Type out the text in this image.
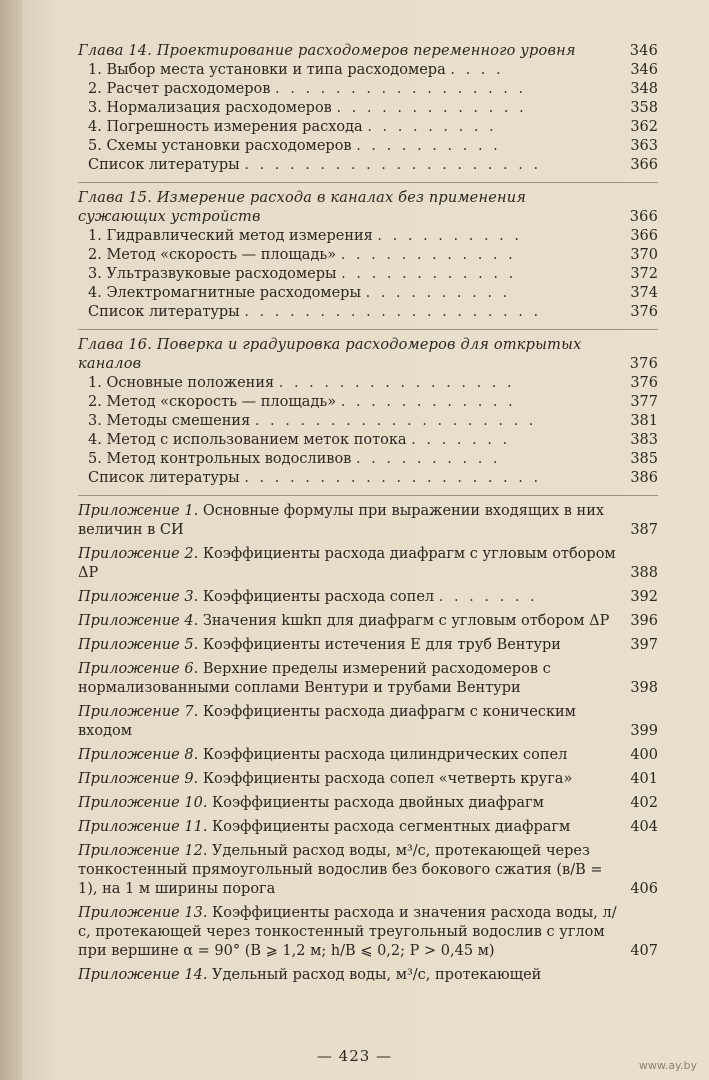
Глава 14. Проектирование расходомеров переменного уровня	346
1. Выбор места установки и типа расходомера . . . .	346
2. Расчет расходомеров . . . . . . . . . . . . . . . . .	348
3. Нормализация расходомеров . . . . . . . . . . . . .	358
4. Погрешность измерения расхода . . . . . . . . .	362
5. Схемы установки расходомеров . . . . . . . . . .	363
Список литературы . . . . . . . . . . . . . . . . . . . .	366
Глава 15. Измерение расхода в каналах без применения сужающих устройств	366
1. Гидравлический метод измерения . . . . . . . . . .	366
2. Метод «скорость — площадь» . . . . . . . . . . . .	370
3. Ультразвуковые расходомеры . . . . . . . . . . . .	372
4. Электромагнитные расходомеры . . . . . . . . . .	374
Список литературы . . . . . . . . . . . . . . . . . . . .	376
Глава 16. Поверка и градуировка расходомеров для открытых каналов	376
1. Основные положения . . . . . . . . . . . . . . . .	376
2. Метод «скорость — площадь» . . . . . . . . . . . .	377
3. Методы смешения . . . . . . . . . . . . . . . . . . .	381
4. Метод с использованием меток потока . . . . . . .	383
5. Метод контрольных водосливов . . . . . . . . . .	385
Список литературы . . . . . . . . . . . . . . . . . . . .	386
Приложение 1. Основные формулы при выражении входящих в них величин в СИ	387
Приложение 2. Коэффициенты расхода диафрагм с угловым отбором ΔP	388
Приложение 3. Коэффициенты расхода сопел . . . . . . .	392
Приложение 4. Значения kшkп для диафрагм с угловым отбором ΔP	396
Приложение 5. Коэффициенты истечения E для труб Вентури	397
Приложение 6. Верхние пределы измерений расходомеров с нормализованными соплами Вентури и трубами Вентури	398
Приложение 7. Коэффициенты расхода диафрагм с коническим входом	399
Приложение 8. Коэффициенты расхода цилиндрических сопел	400
Приложение 9. Коэффициенты расхода сопел «четверть круга»	401
Приложение 10. Коэффициенты расхода двойных диафрагм	402
Приложение 11. Коэффициенты расхода сегментных диафрагм	404
Приложение 12. Удельный расход воды, м³/с, протекающей через тонкостенный прямоугольный водослив без бокового сжатия (в/B = 1), на 1 м ширины порога	406
Приложение 13. Коэффициенты расхода и значения расхода воды, л/с, протекающей через тонкостенный треугольный водослив с углом при вершине α = 90° (B ⩾ 1,2 м; h/B ⩽ 0,2; P > 0,45 м)	407
Приложение 14. Удельный расход воды, м³/с, протекающей
— 423 —
www.ay.by
